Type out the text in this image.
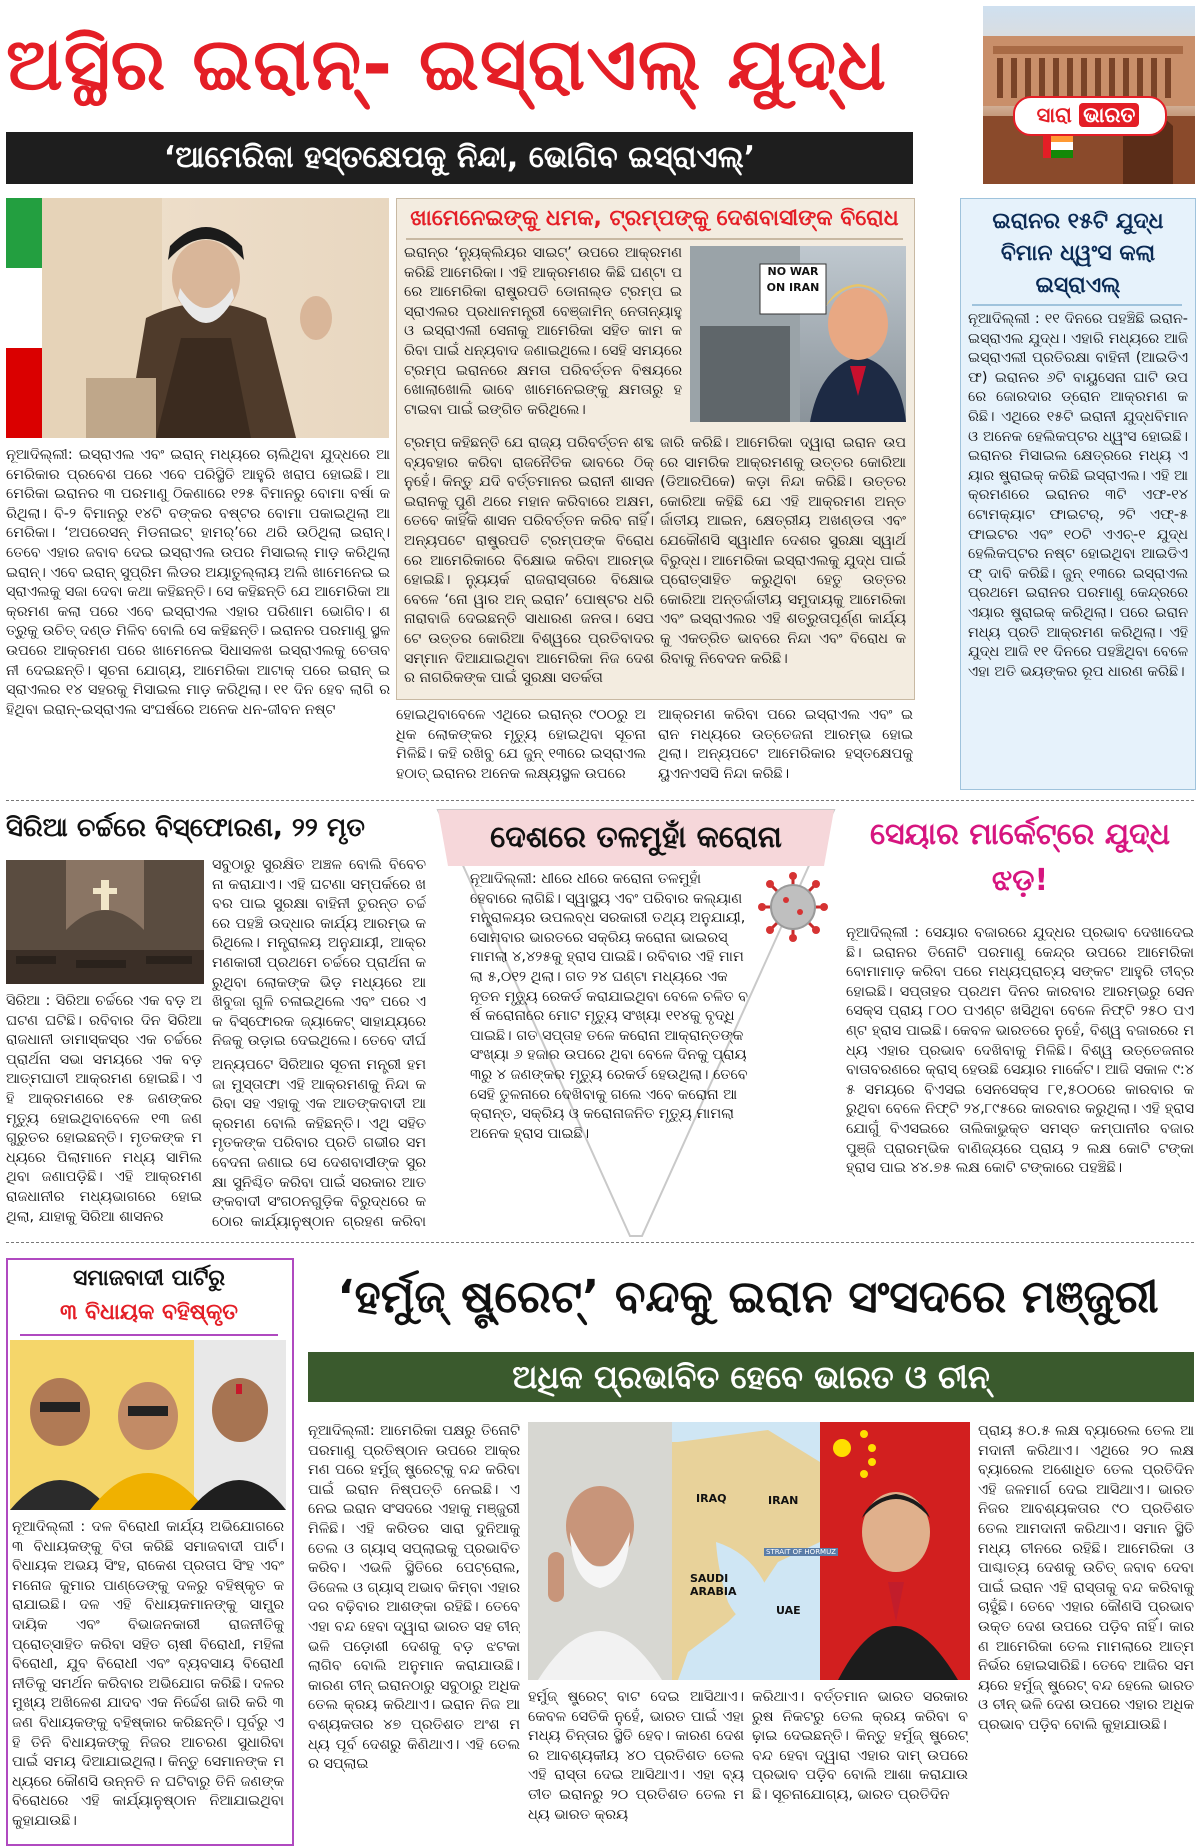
ଅସ୍ଥିର ଇରାନ୍‌- ଇସ୍ରାଏଲ୍‌ ଯୁଦ୍ଧ
‘ଆମେରିକା ହସ୍ତକ୍ଷେପକୁ ନିନ୍ଦା, ଭୋଗିବ ଇସ୍ରାଏଲ୍‌’
ସାରା ଭାରତ
ନୂଆଦିଲ୍ଲୀ: ଇସ୍ରାଏଲ ଏବଂ ଇରାନ୍‌ ମଧ୍ୟରେ ଚାଲିଥିବା ଯୁଦ୍ଧରେ ଆମେରିକାର ପ୍ରବେଶ ପରେ ଏବେ ପରିସ୍ଥିତି ଆହୁରି ଖରାପ ହୋଇଛି। ଆମେରିକା ଇରାନର ୩ ପରମାଣୁ ଠିକଣାରେ ୧୨୫ ବିମାନରୁ ବୋମା ବର୍ଷା କରିଥିଲା। ବି-୨ ବିମାନରୁ ୧୪ଟି ବଙ୍କର ବଷ୍ଟର ବୋମା ପକାଇଥିଲା ଆମେରିକା। ‘ଅପରେସନ୍‌ ମିଡନାଇଟ୍‌ ହାମର୍‌’ରେ ଥରି ଉଠିଥିଲା ଇରାନ୍‌। ତେବେ ଏହାର ଜବାବ ଦେଇ ଇସ୍ରାଏଲ ଉପର ମିସାଇଲ୍‌ ମାଡ଼ କରିଥିଲା ଇରାନ୍‌। ଏବେ ଇରାନ୍‌ ସୁପ୍ରିମ ଲିଡର ଅୟାତୁଲ୍ଲାୟ ଅଲି ଖାମେନେଇ ଇସ୍ରାଏଲକୁ ସଜା ଦେବା କଥା କହିଛନ୍ତି। ସେ କହିଛନ୍ତି ଯେ ଆମେରିକା ଆକ୍ରମଣ କଲା ପରେ ଏବେ ଇସ୍ରାଏଲ ଏହାର ପରିଣାମ ଭୋଗିବ। ଶତ୍ରୁକୁ ଉଚିତ୍‌ ଦଣ୍ଡ ମିଳିବ ବୋଲି ସେ କହିଛନ୍ତି। ଇରାନର ପରମାଣୁ ସ୍ଥଳ ଉପରେ ଆକ୍ରମଣ ପରେ ଖାମେନେଇ ସିଧାସଳଖ ଇସ୍ରାଏଲକୁ ଚେତାବନୀ ଦେଇଛନ୍ତି। ସୂଚନା ଯୋଗ୍ୟ, ଆମେରିକା ଆଟାକ୍‌ ପରେ ଇରାନ୍‌ ଇସ୍ରାଏଲର ୧୪ ସହରକୁ ମିସାଇଲ ମାଡ଼ କରିଥିଲା। ୧୧ ଦିନ ହେବ ଲାଗି ରହିଥିବା ଇରାନ୍‌-ଇସ୍ରାଏଲ ସଂଘର୍ଷରେ ଅନେକ ଧନ-ଜୀବନ ନଷ୍ଟ	ହୋଇଥିବାବେଳେ ଏଥିରେ ଇରାନ୍‌ର ୯୦୦ରୁ ଅଧିକ ଲୋକଙ୍କର ମୃତ୍ୟୁ ହୋଇଥିବା ସୂଚନା ମିଳିଛି। କହି ରଖିବୁ ଯେ ଜୁନ୍‌ ୧୩ରେ ଇସ୍ରାଏଲ ହଠାତ୍‌ ଇରାନର ଅନେକ ଲକ୍ଷ୍ୟସ୍ଥଳ ଉପରେ
ଆକ୍ରମଣ କରିବା ପରେ ଇସ୍ରାଏଲ ଏବଂ ଇରାନ ମଧ୍ୟରେ ଉତ୍ତେଜନା ଆରମ୍ଭ ହୋଇଥିଲା। ଅନ୍ୟପଟେ ଆମେରିକାର ହସ୍ତକ୍ଷେପକୁ ୟୁଏନଏସସି ନିନ୍ଦା କରିଛି।
ଖାମେନେଇଙ୍କୁ ଧମକ, ଟ୍ରମ୍ପଙ୍କୁ ଦେଶବାସୀଙ୍କ ବିରୋଧ
ଇରାନ୍‌ର ‘ନ୍ୟୁକ୍ଲିୟର ସାଇଟ୍‌’ ଉପରେ ଆକ୍ରମଣ କରିଛି ଆମେରିକା। ଏହି ଆକ୍ରମଣର କିଛି ଘଣ୍ଟା ପରେ ଆମେରିକା ରାଷ୍ଟ୍ରପତି ଡୋନାଲ୍ଡ ଟ୍ରମ୍ପ ଇସ୍ରାଏଲର ପ୍ରଧାନମନ୍ତ୍ରୀ ବେଞ୍ଜାମିନ୍‌ ନେତାନ୍ୟାହୁ ଓ ଇସ୍ରାଏଲୀ ସେନାକୁ ଆମେରିକା ସହିତ କାମ କରିବା ପାଇଁ ଧନ୍ୟବାଦ ଜଣାଇଥିଲେ। ସେହି ସମୟରେ ଟ୍ରମ୍ପ ଇରାନରେ କ୍ଷମତା ପରିବର୍ତ୍ତନ ବିଷୟରେ ଖୋଲାଖୋଲି ଭାବେ ଖାମେନେଇଙ୍କୁ କ୍ଷମତାରୁ ହଟାଇବା ପାଇଁ ଇଙ୍ଗିତ କରିଥିଲେ।
NO WAR ON IRAN
ଟ୍ରମ୍ପ କହିଛନ୍ତି ଯେ ରାଜ୍ୟ ପରିବର୍ତ୍ତନ ଶବ୍ଦ ବ୍ୟବହାର କରିବା ରାଜନୈତିକ ଭାବରେ ଠିକ୍‌ ନୁହେଁ। କିନ୍ତୁ ଯଦି ବର୍ତ୍ତମାନର ଇରାନୀ ଶାସନ ଇରାନକୁ ପୁଣି ଥରେ ମହାନ କରିବାରେ ଅକ୍ଷମ, ତେବେ କାହିଁକି ଶାସନ ପରିବର୍ତ୍ତନ କରିବ ନାହିଁ। ଅନ୍ୟପଟେ ରାଷ୍ଟ୍ରପତି ଟ୍ରମ୍ପଙ୍କ ବିରୋଧରେ ଆମେରିକାରେ ବିକ୍ଷୋଭ କରିବା ଆରମ୍ଭ ହୋଇଛି। ନ୍ୟୁୟର୍କ ରାଜରାସ୍ତାରେ ବିକ୍ଷୋଭ ବେଳେ ‘ନୋ ୱାର ଅନ୍‌ ଇରାନ’ ପୋଷ୍ଟର ଧରି ନାରାବାଜି ଦେଇଛନ୍ତି ସାଧାରଣ ଜନତା। ସେପଟେ ଉତ୍ତର କୋରିଆ ବିଶ୍ୱରେ ପ୍ରତିବାଦର ସମ୍ମାନ ଦିଆଯାଇଥିବା ଆମେରିକା ନିଜ ଦେଶର ନାଗରିକଙ୍କ ପାଇଁ ସୁରକ୍ଷା ସତର୍କତା
ଜାରି କରିଛି। ଆମେରିକା ଦ୍ୱାରା ଇରାନ ଉପରେ ସାମରିକ ଆକ୍ରମଣକୁ ଉତ୍ତର କୋରିଆ (ଡିଆରପିକେ) କଡ଼ା ନିନ୍ଦା କରିଛି। ଉତ୍ତର କୋରିଆ କହିଛି ଯେ ଏହି ଆକ୍ରମଣ ଅନ୍ତର୍ଜାତୀୟ ଆଇନ, କ୍ଷେତ୍ରୀୟ ଅଖଣ୍ଡତା ଏବଂ ଯେକୌଣସି ସ୍ୱାଧୀନ ଦେଶର ସୁରକ୍ଷା ସ୍ୱାର୍ଥ ବିରୁଦ୍ଧ। ଆମେରିକା ଇସ୍ରାଏଲକୁ ଯୁଦ୍ଧ ପାଇଁ ପ୍ରୋତ୍ସାହିତ କରୁଥିବା ହେତୁ ଉତ୍ତର କୋରିଆ ଅନ୍ତର୍ଜାତୀୟ ସମୁଦାୟକୁ ଆମେରିକା ଏବଂ ଇସ୍ରାଏଲର ଏହି ଶତ୍ରୁତାପୂର୍ଣ୍ଣ କାର୍ଯ୍ୟକୁ ଏକତ୍ରିତ ଭାବରେ ନିନ୍ଦା ଏବଂ ବିରୋଧ କରିବାକୁ ନିବେଦନ କରିଛି।
ଇରାନର ୧୫ଟି ଯୁଦ୍ଧ ବିମାନ ଧ୍ୱଂସ କଲା ଇସ୍ରାଏଲ୍‌
ନୂଆଦିଲ୍ଲୀ : ୧୧ ଦିନରେ ପହଞ୍ଚିଛି ଇରାନ-ଇସ୍ରାଏଲ ଯୁଦ୍ଧ। ଏହାରି ମଧ୍ୟରେ ଆଜି ଇସ୍ରାଏଲୀ ପ୍ରତିରକ୍ଷା ବାହିନୀ (ଆଇଡିଏଫ) ଇରାନର ୬ଟି ବାୟୁସେନା ଘାଟି ଉପରେ ଜୋରଦାର ଡ୍ରୋନ ଆକ୍ରମଣ କରିଛି। ଏଥିରେ ୧୫ଟି ଇରାନୀ ଯୁଦ୍ଧବିମାନ ଓ ଅନେକ ହେଲିକପ୍ଟର ଧ୍ୱଂସ ହୋଇଛି। ଇରାନର ମିସାଇଲ କ୍ଷେତ୍ରରେ ମଧ୍ୟ ଏୟାର ଷ୍ଟ୍ରାଇକ୍‌ କରିଛି ଇସ୍ରାଏଲ। ଏହି ଆକ୍ରମଣରେ ଇରାନର ୩ଟି ଏଫ-୧୪ ଟୋମକ୍ୟାଟ ଫାଇଟର୍‌, ୨ଟି ଏଫ୍‌-୫ ଫାଇଟର ଏବଂ ୧୦ଟି ଏଏଚ୍‌-୧ ଯୁଦ୍ଧ ହେଲିକପ୍ଟର ନଷ୍ଟ ହୋଇଥିବା ଆଇଡିଏଫ୍‌ ଦାବି କରିଛି। ଜୁନ୍‌ ୧୩ରେ ଇସ୍ରାଏଲ ପ୍ରଥମେ ଇରାନର ପରମାଣୁ କେନ୍ଦ୍ରରେ ଏୟାର ଷ୍ଟ୍ରାଇକ୍‌ କରିଥିଲା। ପରେ ଇରାନ ମଧ୍ୟ ପ୍ରତି ଆକ୍ରମଣ କରିଥିଲା। ଏହି ଯୁଦ୍ଧ ଆଜି ୧୧ ଦିନରେ ପହଞ୍ଚିଥିବା ବେଳେ ଏହା ଅତି ଭୟଙ୍କର ରୂପ ଧାରଣ କରିଛି।
ସିରିଆ ଚର୍ଚ୍ଚରେ ବିସ୍ଫୋରଣ, ୨୨ ମୃତ
ସବୁଠାରୁ ସୁରକ୍ଷିତ ଅଞ୍ଚଳ ବୋଲି ବିବେଚନା କରାଯାଏ। ଏହି ଘଟଣା ସମ୍ପର୍କରେ ଖବର ପାଇ ସୁରକ୍ଷା ବାହିନୀ ତୁରନ୍ତ ଚର୍ଚ୍ଚରେ ପହଞ୍ଚି ଉଦ୍ଧାର କାର୍ଯ୍ୟ ଆରମ୍ଭ କରିଥିଲେ। ମନ୍ତ୍ରାଳୟ ଅନୁଯାୟୀ, ଆକ୍ରମଣକାରୀ ପ୍ରଥମେ ଚର୍ଚ୍ଚରେ ପ୍ରାର୍ଥନା କରୁଥିବା ଲୋକଙ୍କ ଭିଡ଼ ମଧ୍ୟରେ ଆଖିବୁଜା ଗୁଳି ଚଳାଇଥିଲେ ଏବଂ ପରେ ଏକ ବିସ୍ଫୋରକ ଜ୍ୟାକେଟ୍‌ ସାହାଯ୍ୟରେ ନିଜକୁ ଉଡ଼ାଇ ଦେଇଥିଲେ। ତେବେ ଦୀର୍ଘ
ସିରିଆ : ସିରିଆ ଚର୍ଚ୍ଚରେ ଏକ ବଡ଼ ଅଘଟଣ ଘଟିଛି। ରବିବାର ଦିନ ସିରିଆ ରାଜଧାନୀ ଡାମାସ୍କସ୍‌ର ଏକ ଚର୍ଚ୍ଚରେ ପ୍ରାର୍ଥନା ସଭା ସମୟରେ ଏକ ବଡ଼ ଆତ୍ମଘାତୀ ଆକ୍ରମଣ ହୋଇଛି। ଏହି ଆକ୍ରମଣରେ ୧୫ ଜଣଙ୍କର ମୃତ୍ୟୁ ହୋଇଥିବାବେଳେ ୧୩ ଜଣ ଗୁରୁତର ହୋଇଛନ୍ତି। ମୃତକଙ୍କ ମଧ୍ୟରେ ପିଲାମାନେ ମଧ୍ୟ ସାମିଲ ଥିବା ଜଣାପଡ଼ିଛି। ଏହି ଆକ୍ରମଣ ରାଜଧାନୀର ମଧ୍ୟଭାଗରେ ହୋଇଥିଲା, ଯାହାକୁ ସିରିଆ ଶାସନର
ଅନ୍ୟପଟେ ସିରିଆର ସୂଚନା ମନ୍ତ୍ରୀ ହମଜା ମୁସ୍ତାଫା ଏହି ଆକ୍ରମଣକୁ ନିନ୍ଦା କରିବା ସହ ଏହାକୁ ଏକ ଆତଙ୍କବାଦୀ ଆକ୍ରମଣ ବୋଲି କହିଛନ୍ତି। ଏଥି ସହିତ ମୃତକଙ୍କ ପରିବାର ପ୍ରତି ଗଭୀର ସମବେଦନା ଜଣାଇ ସେ ଦେଶବାସୀଙ୍କ ସୁରକ୍ଷା ସୁନିଶ୍ଚିତ କରିବା ପାଇଁ ସରକାର ଆତଙ୍କବାଦୀ ସଂଗଠନଗୁଡ଼ିକ ବିରୁଦ୍ଧରେ କଠୋର କାର୍ଯ୍ୟାନୁଷ୍ଠାନ ଗ୍ରହଣ କରିବା
ଦେଶରେ ତଳମୁହାଁ କରୋନା
ନୂଆଦିଲ୍ଲୀ: ଧୀରେ ଧୀରେ କରୋନା ତଳମୁହାଁ ହେବାରେ ଲାଗିଛି। ସ୍ୱାସ୍ଥ୍ୟ ଏବଂ ପରିବାର କଲ୍ୟାଣ ମନ୍ତ୍ରାଳୟର ଉପଲବ୍ଧ ସରକାରୀ ତଥ୍ୟ ଅନୁଯାୟୀ, ସୋମବାର ଭାରତରେ ସକ୍ରିୟ କରୋନା ଭାଇରସ୍‌ ମାମଲା ୪,୪୨୫କୁ ହ୍ରାସ ପାଇଛି। ରବିବାର ଏହି ମାମଲା ୫,୦୧୨ ଥିଲା। ଗତ ୨୪ ଘଣ୍ଟା ମଧ୍ୟରେ ଏକ ନୂତନ ମୃତ୍ୟୁ ରେକର୍ଡ କରାଯାଇଥିବା ବେଳେ ଚଳିତ ବର୍ଷ କରୋନାରେ ମୋଟ ମୃତ୍ୟୁ ସଂଖ୍ୟା ୧୧୪କୁ ବୃଦ୍ଧି ପାଇଛି। ଗତ ସପ୍ତାହ ତଳେ କରୋନା ଆକ୍ରାନ୍ତଙ୍କ ସଂଖ୍ୟା ୬ ହଜାର ଉପରେ ଥିବା ବେଳେ ଦିନକୁ ପ୍ରାୟ ୩ରୁ ୪ ଜଣଙ୍କର ମୃତ୍ୟୁ ରେକର୍ଡ ହେଉଥିଲା। ତେବେ ସେହି ତୁଳନାରେ ଦେଖିବାକୁ ଗଲେ ଏବେ କରୋନା ଆକ୍ରାନ୍ତ, ସକ୍ରିୟ ଓ କରୋନାଜନିତ ମୃତ୍ୟୁ ମାମଲା ଅନେକ ହ୍ରାସ ପାଇଛି।
ସେୟାର ମାର୍କେଟ୍‌ରେ ଯୁଦ୍ଧ ଝଡ଼!
ନୂଆଦିଲ୍ଲୀ : ସେୟାର ବଜାରରେ ଯୁଦ୍ଧର ପ୍ରଭାବ ଦେଖାଦେଇଛି। ଇରାନର ତିନୋଟି ପରମାଣୁ କେନ୍ଦ୍ର ଉପରେ ଆମେରିକା ବୋମାମାଡ଼ କରିବା ପରେ ମଧ୍ୟପ୍ରାଚ୍ୟ ସଙ୍କଟ ଆହୁରି ତୀବ୍ର ହୋଇଛି। ସପ୍ତାହର ପ୍ରଥମ ଦିନର କାରବାର ଆରମ୍ଭରୁ ସେନସେକ୍ସ ପ୍ରାୟ ୮୦୦ ପଏଣ୍ଟ ଖସିଥିବା ବେଳେ ନିଫ୍ଟି ୨୫୦ ପଏଣ୍ଟ ହ୍ରାସ ପାଇଛି। କେବଳ ଭାରତରେ ନୁହେଁ, ବିଶ୍ୱ ବଜାରରେ ମଧ୍ୟ ଏହାର ପ୍ରଭାବ ଦେଖିବାକୁ ମିଳିଛି। ବିଶ୍ୱ ଉତ୍ତେଜନାର ବାତାବରଣରେ କ୍ରାସ୍‌ ହେଉଛି ସେୟାର ମାର୍କେଟ। ଆଜି ସକାଳ ୯:୪୫ ସମୟରେ ବିଏସଇ ସେନସେକ୍ସ ୮୧,୫୦୦ରେ କାରବାର କରୁଥିବା ବେଳେ ନିଫ୍ଟି ୨୪,୮୯୫ରେ କାରବାର କରୁଥିଲା। ଏହି ହ୍ରାସ ଯୋଗୁଁ ବିଏସଇରେ ତାଲିକାଭୁକ୍ତ ସମସ୍ତ କମ୍ପାନୀର ବଜାର ପୁଞ୍ଜି ପ୍ରାରମ୍ଭିକ ବାଣିଜ୍ୟରେ ପ୍ରାୟ ୨ ଲକ୍ଷ କୋଟି ଟଙ୍କା ହ୍ରାସ ପାଇ ୪୪.୭୫ ଲକ୍ଷ କୋଟି ଟଙ୍କାରେ ପହଞ୍ଚିଛି।
ସମାଜବାଦୀ ପାର୍ଟିରୁ
୩ ବିଧାୟକ ବହିଷ୍କୃତ
ନୂଆଦିଲ୍ଲୀ : ଦଳ ବିରୋଧୀ କାର୍ଯ୍ୟ ଅଭିଯୋଗରେ ୩ ବିଧାୟକଙ୍କୁ ବିତା କରିଛି ସମାଜବାଦୀ ପାର୍ଟି। ବିଧାୟକ ଅଭୟ ସିଂହ, ରାକେଶ ପ୍ରତାପ ସିଂହ ଏବଂ ମନୋଜ କୁମାର ପାଣ୍ଡେଙ୍କୁ ଦଳରୁ ବହିଷ୍କୃତ କରାଯାଇଛି। ଦଳ ଏହି ବିଧାୟକମାନଙ୍କୁ ସାମ୍ପ୍ରଦାୟିକ ଏବଂ ବିଭାଜନକାରୀ ରାଜନୀତିକୁ ପ୍ରୋତ୍ସାହିତ କରିବା ସହିତ ଚାଷୀ ବିରୋଧୀ, ମହିଳା ବିରୋଧୀ, ଯୁବ ବିରୋଧୀ ଏବଂ ବ୍ୟବସାୟ ବିରୋଧୀ ନୀତିକୁ ସମର୍ଥନ କରିବାର ଅଭିଯୋଗ କରିଛି। ଦଳର ମୁଖ୍ୟ ଅଖିଳେଶ ଯାଦବ ଏକ ନିର୍ଦ୍ଦେଶ ଜାରି କରି ୩ ଜଣ ବିଧାୟକଙ୍କୁ ବହିଷ୍କାର କରିଛନ୍ତି। ପୂର୍ବରୁ ଏହି ତିନି ବିଧାୟକଙ୍କୁ ନିଜର ଆଚରଣ ସୁଧାରିବା ପାଇଁ ସମୟ ଦିଆଯାଇଥିଲା। କିନ୍ତୁ ସେମାନଙ୍କ ମଧ୍ୟରେ କୌଣସି ଉନ୍ନତି ନ ଘଟିବାରୁ ତିନି ଜଣଙ୍କ ବିରୋଧରେ ଏହି କାର୍ଯ୍ୟାନୁଷ୍ଠାନ ନିଆଯାଇଥିବା କୁହାଯାଉଛି।
‘ହର୍ମୁଜ୍‌ ଷ୍ଟ୍ରେଟ୍‌’ ବନ୍ଦକୁ ଇରାନ ସଂସଦରେ ମଞ୍ଜୁରୀ
ଅଧିକ ପ୍ରଭାବିତ ହେବେ ଭାରତ ଓ ଚୀନ୍‌
ନୂଆଦିଲ୍ଲୀ: ଆମେରିକା ପକ୍ଷରୁ ତିନୋଟି ପରମାଣୁ ପ୍ରତିଷ୍ଠାନ ଉପରେ ଆକ୍ରମଣ ପରେ ହର୍ମୁଜ୍‌ ଷ୍ଟ୍ରେଟ୍‌କୁ ବନ୍ଦ କରିବା ପାଇଁ ଇରାନ ନିଷ୍ପତ୍ତି ନେଇଛି। ଏନେଇ ଇରାନ ସଂସଦରେ ଏହାକୁ ମଞ୍ଜୁରୀ ମିଳିଛି। ଏହି କରିଡର ସାରା ଦୁନିଆକୁ ତେଲ ଓ ଗ୍ୟାସ୍‌ ସପ୍ଲାଇକୁ ପ୍ରଭାବିତ କରିବ। ଏଭଳି ସ୍ଥିତିରେ ପେଟ୍ରୋଲ, ଡିଜେଲ ଓ ଗ୍ୟାସ୍‌ ଅଭାବ କିମ୍ବା ଏହାର ଦର ବଢ଼ିବାର ଆଶଙ୍କା ରହିଛି। ତେବେ ଏହା ବନ୍ଦ ହେବା ଦ୍ୱାରା ଭାରତ ସହ ଚୀନ୍‌ ଭଳି ପଡ଼ୋଶୀ ଦେଶକୁ ବଡ଼ ଝଟକା ଲାଗିବ ବୋଲି ଅନୁମାନ କରାଯାଉଛି। କାରଣ ଚୀନ୍‌ ଇରାନଠାରୁ ସବୁଠାରୁ ଅଧିକ ତେଲ କ୍ରୟ କରିଥାଏ। ଇରାନ ନିଜ ଆବଶ୍ୟକତାର ୪୭ ପ୍ରତିଶତ ଅଂଶ ମଧ୍ୟ ପୂର୍ବ ଦେଶରୁ କିଣିଥାଏ। ଏହି ତେଲର ସପ୍ଲାଇ
IRAQ	IRAN
STRAIT OF HORMUZ
SAUDI ARABIA
UAE
ହର୍ମୁଜ୍‌ ଷ୍ଟ୍ରେଟ୍‌ ବାଟ ଦେଇ ଆସିଥାଏ। କେବଳ ସେତିକି ନୁହେଁ, ଭାରତ ପାଇଁ ଏହା ମଧ୍ୟ ଚିନ୍ତାର ସ୍ଥିତି ହେବ। କାରଣ ଦେଶର ଆବଶ୍ୟକୀୟ ୪୦ ପ୍ରତିଶତ ତେଲ ଏହି ରାସ୍ତା ଦେଇ ଆସିଥାଏ। ଏହା ବ୍ୟତୀତ ଇରାନରୁ ୨୦ ପ୍ରତିଶତ ତେଲ ମଧ୍ୟ ଭାରତ କ୍ରୟ
କରିଥାଏ। ବର୍ତ୍ତମାନ ଭାରତ ସରକାର ରୁଷ ନିକଟରୁ ତେଲ କ୍ରୟ କରିବା ବଢ଼ାଇ ଦେଇଛନ୍ତି। କିନ୍ତୁ ହର୍ମୁଜ୍‌ ଷ୍ଟ୍ରେଟ୍‌ ବନ୍ଦ ହେବା ଦ୍ୱାରା ଏହାର ଦାମ୍‌ ଉପରେ ପ୍ରଭାବ ପଡ଼ିବ ବୋଲି ଆଶା କରାଯାଉଛି। ସୂଚନାଯୋଗ୍ୟ, ଭାରତ ପ୍ରତିଦିନ
ପ୍ରାୟ ୫୦.୫ ଲକ୍ଷ ବ୍ୟାରେଲ ତେଲ ଆମଦାନୀ କରିଥାଏ। ଏଥିରେ ୨୦ ଲକ୍ଷ ବ୍ୟାରେଲ ଅଶୋଧିତ ତେଲ ପ୍ରତିଦିନ ଏହି ଜଳମାର୍ଗ ଦେଇ ଆସିଥାଏ। ଭାରତ ନିଜର ଆବଶ୍ୟକତାର ୯୦ ପ୍ରତିଶତ ତେଲ ଆମଦାନୀ କରିଥାଏ। ସମାନ ସ୍ଥିତି ମଧ୍ୟ ଚୀନରେ ରହିଛି। ଆମେରିକା ଓ ପାଶ୍ଚାତ୍ୟ ଦେଶକୁ ଉଚିତ୍‌ ଜବାବ ଦେବା ପାଇଁ ଇରାନ ଏହି ରାସ୍ତାକୁ ବନ୍ଦ କରିବାକୁ ଚାହୁଁଛି। ତେବେ ଏହାର କୌଣସି ପ୍ରଭାବ ଉକ୍ତ ଦେଶ ଉପରେ ପଡ଼ିବ ନାହିଁ। କାରଣ ଆମେରିକା ତେଲ ମାମଲାରେ ଆତ୍ମନିର୍ଭର ହୋଇସାରିଛି। ତେବେ ଆଜିର ସମୟରେ ହର୍ମୁଜ୍‌ ଷ୍ଟ୍ରେଟ୍‌ ବନ୍ଦ ହେଲେ ଭାରତ ଓ ଚୀନ୍‌ ଭଳି ଦେଶ ଉପରେ ଏହାର ଅଧିକ ପ୍ରଭାବ ପଡ଼ିବ ବୋଲି କୁହାଯାଉଛି।
